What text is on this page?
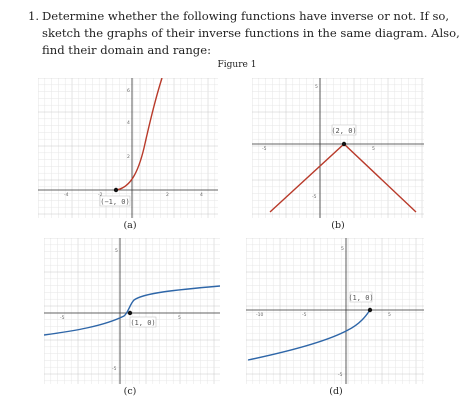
1. Determine whether the following functions have inverse or not. If so, sketch the graphs of their inverse functions in the same diagram. Also, find their domain and range:
Figure 1
(−1, 0)
-4	-2	2	4
6
4
2
(a)
(2, 0)
-5	5
5
-5
(b)
(1, 0)
-5	5
5
-5
(c)
(1, 0)
-10	-5	5
5
-5
(d)
